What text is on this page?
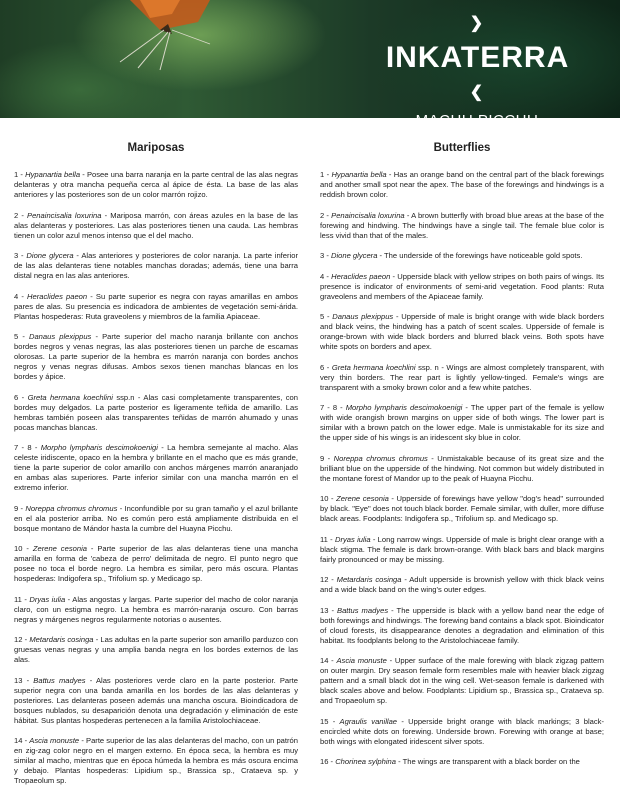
❯ INKATERRA ❮
MACHU PICCHU
PERU
Mariposas

1 - Hypanartia bella - Posee una barra naranja en la parte central de las alas negras delanteras y otra mancha pequeña cerca al ápice de ésta. La base de las alas anteriores y las posteriores son de un color marrón rojizo.

2 - Penaincisalia loxurina - Mariposa marrón, con áreas azules en la base de las alas delanteras y posteriores. Las alas posteriores tienen una cauda. Las hembras tienen un color azul menos intenso que el del macho.

3 - Dione glycera - Alas anteriores y posteriores de color naranja. La parte inferior de las alas delanteras tiene notables manchas doradas; además, tiene una barra distal negra en las alas anteriores.

4 - Heraclides paeon - Su parte superior es negra con rayas amarillas en ambos pares de alas. Su presencia es indicadora de ambientes de vegetación semi-árida. Plantas hospederas: Ruta graveolens y miembros de la familia Apiaceae.

5 - Danaus plexippus - Parte superior del macho naranja brillante con anchos bordes negros y venas negras, las alas posteriores tienen un parche de escamas olorosas. La parte superior de la hembra es marrón naranja con bordes anchos negros y venas negras difusas. Ambos sexos tienen manchas blancas en los bordes y ápice.

6 - Greta hermana koechlini ssp.n - Alas casi completamente transparentes, con bordes muy delgados. La parte posterior es ligeramente teñida de amarillo. Las hembras también poseen alas transparentes teñidas de marrón ahumado y unas pocas manchas blancas.

7 - 8 - Morpho lympharis descimokoenigi - La hembra semejante al macho. Alas celeste iridiscente, opaco en la hembra y brillante en el macho que es más grande, tiene la parte superior de color amarillo con anchos márgenes marrón anaranjado en ambas alas superiores. Parte inferior similar con una mancha marrón en el extremo inferior.

9 - Noreppa chromus chromus - Inconfundible por su gran tamaño y el azul brillante en el ala posterior arriba. No es común pero está ampliamente distribuida en el bosque montano de Mándor hasta la cumbre del Huayna Picchu.

10 - Zerene cesonia - Parte superior de las alas delanteras tiene una mancha amarilla en forma de 'cabeza de perro' delimitada de negro. El punto negro que posee no toca el borde negro. La hembra es similar, pero más oscura. Plantas hospederas: Indigofera sp., Trifolium sp. y Medicago sp.

11 - Dryas iulia - Alas angostas y largas. Parte superior del macho de color naranja claro, con un estigma negro. La hembra es marrón-naranja oscuro. Con barras negras y márgenes negros regularmente notorias o ausentes.

12 - Metardaris cosinga - Las adultas en la parte superior son amarillo parduzco con gruesas venas negras y una amplia banda negra en los bordes externos de las alas.

13 - Battus madyes - Alas posteriores verde claro en la parte posterior. Parte superior negra con una banda amarilla en los bordes de las alas delanteras y posteriores. Las delanteras poseen además una mancha oscura. Bioindicadora de bosques nublados, su desaparición denota una degradación y eliminación de este hábitat. Sus plantas hospederas pertenecen a la familia Aristolochiaceae.

14 - Ascia monuste - Parte superior de las alas delanteras del macho, con un patrón en zig-zag color negro en el margen externo. En época seca, la hembra es muy similar al macho, mientras que en época húmeda la hembra es más oscura encima y debajo. Plantas hospederas: Lipidium sp., Brassica sp., Crataeva sp. y Tropaeolum sp.

Butterflies

1 - Hypanartia bella - Has an orange band on the central part of the black forewings and another small spot near the apex. The base of the forewings and hindwings is a reddish brown color.

2 - Penaincisalia loxurina - A brown butterfly with broad blue areas at the base of the forewing and hindwing. The hindwings have a single tail. The female blue color is less vivid than that of the males.

3 - Dione glycera - The underside of the forewings have noticeable gold spots.

4 - Heraclides paeon - Upperside black with yellow stripes on both pairs of wings. Its presence is indicator of environments of semi-arid vegetation. Food plants: Ruta graveolens and members of the Apiaceae family.

5 - Danaus plexippus - Upperside of male is bright orange with wide black borders and black veins, the hindwing has a patch of scent scales. Upperside of female is orange-brown with wide black borders and blurred black veins. Both spots have white spots on borders and apex.

6 - Greta hermana koechlini ssp. n - Wings are almost completely transparent, with very thin borders. The rear part is lightly yellow-tinged. Female's wings are transparent with a smoky brown color and a few white patches.

7 - 8 - Morpho lympharis descimokoenigi - The upper part of the female is yellow with wide orangish brown margins on upper side of both wings. The lower part is similar with a brown patch on the lower edge. Male is unmistakable for its size and the upper side of his wings is an iridescent sky blue in color.

9 - Noreppa chromus chromus - Unmistakable because of its great size and the brilliant blue on the upperside of the hindwing. Not common but widely distributed in the montane forest of Mandor up to the peak of Huayna Picchu.

10 - Zerene cesonia - Upperside of forewings have yellow "dog's head" surrounded by black. "Eye" does not touch black border. Female similar, with duller, more diffuse black areas. Foodplants: Indigofera sp., Trifolium sp. and Medicago sp.

11 - Dryas iulia - Long narrow wings. Upperside of male is bright clear orange with a black stigma. The female is dark brown-orange. With black bars and black margins fairly pronounced or may be missing.

12 - Metardaris cosinga - Adult upperside is brownish yellow with thick black veins and a wide black band on the wing's outer edges.

13 - Battus madyes - The upperside is black with a yellow band near the edge of both forewings and hindwings. The forewing band contains a black spot. Bioindicator of cloud forests, its disappearance denotes a degradation and elimination of this habitat. Its foodplants belong to the Aristolochiaceae family.

14 - Ascia monuste - Upper surface of the male forewing with black zigzag pattern on outer margin. Dry season female form resembles male with heavier black zigzag pattern and a small black dot in the wing cell. Wet-season female is darkened with black scales above and below. Foodplants: Lipidium sp., Brassica sp., Crataeva sp. and Tropaeolum sp.

15 - Agraulis vanillae - Upperside bright orange with black markings; 3 black-encircled white dots on forewing. Underside brown. Forewing with orange at base; both wings with elongated iridescent silver spots.

16 - Chorinea sylphina - The wings are transparent with a black border on the
